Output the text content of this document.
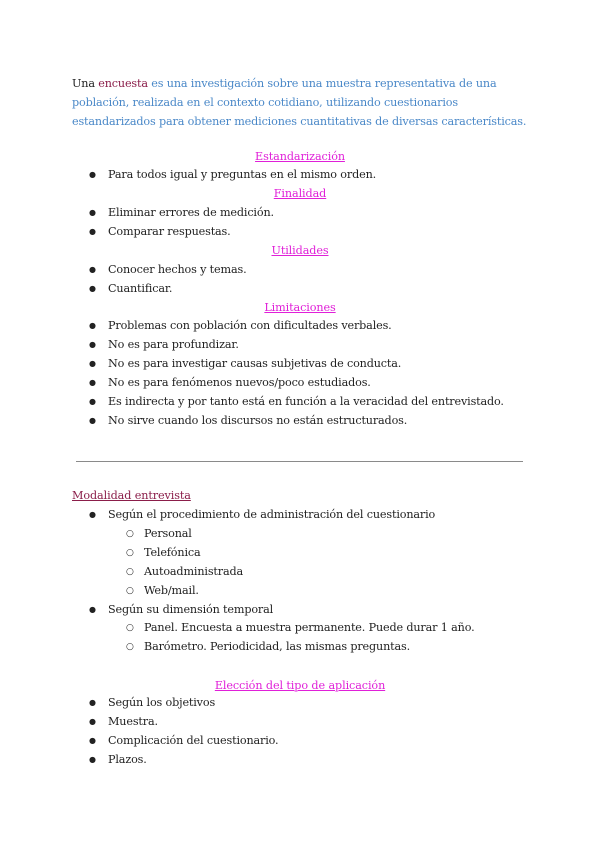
Una encuesta es una investigación sobre una muestra representativa de una población, realizada en el contexto cotidiano, utilizando cuestionarios estandarizados para obtener mediciones cuantitativas de diversas características.

Estandarización
● Para todos igual y preguntas en el mismo orden.
Finalidad
● Eliminar errores de medición.
● Comparar respuestas.
Utilidades
● Conocer hechos y temas.
● Cuantificar.
Limitaciones
● Problemas con población con dificultades verbales.
● No es para profundizar.
● No es para investigar causas subjetivas de conducta.
● No es para fenómenos nuevos/poco estudiados.
● Es indirecta y por tanto está en función a la veracidad del entrevistado.
● No sirve cuando los discursos no están estructurados.
Modalidad entrevista
● Según el procedimiento de administración del cuestionario
○ Personal
○ Telefónica
○ Autoadministrada
○ Web/mail.
● Según su dimensión temporal
○ Panel. Encuesta a muestra permanente. Puede durar 1 año.
○ Barómetro. Periodicidad, las mismas preguntas.
Elección del tipo de aplicación
● Según los objetivos
● Muestra.
● Complicación del cuestionario.
● Plazos.
